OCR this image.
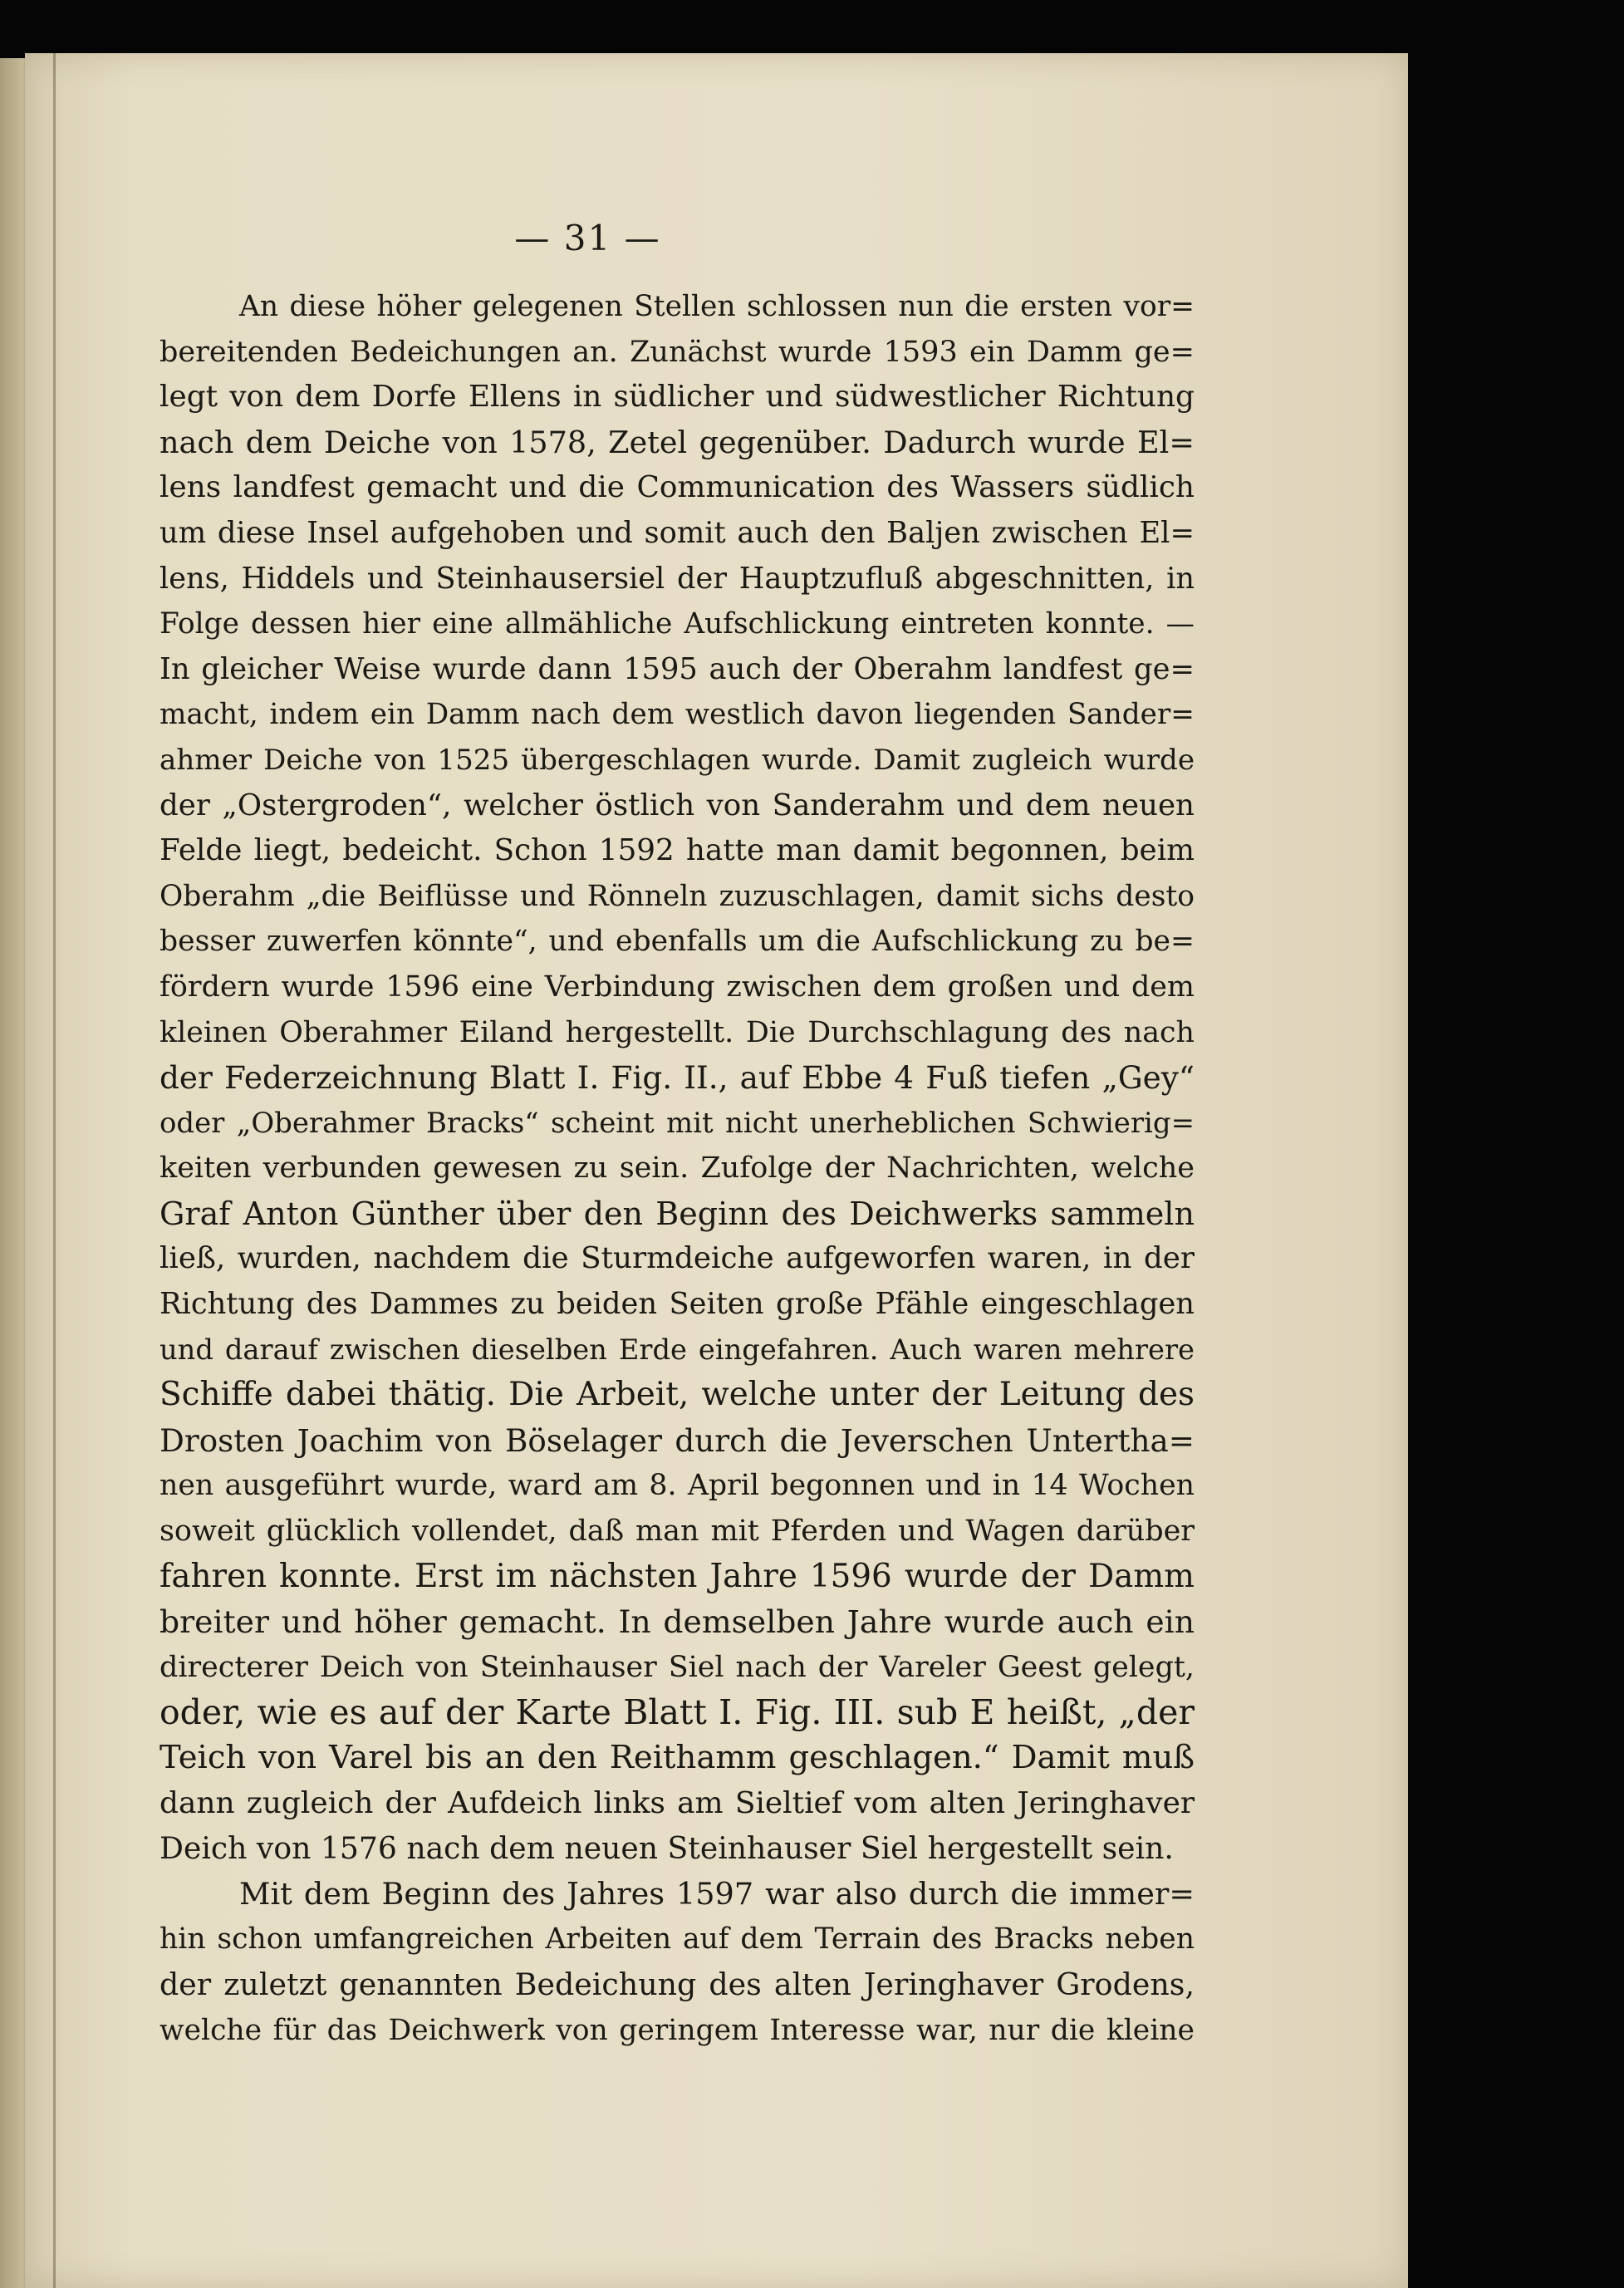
— 31 —
An diese höher gelegenen Stellen schlossen nun die ersten vor=
bereitenden Bedeichungen an. Zunächst wurde 1593 ein Damm ge=
legt von dem Dorfe Ellens in südlicher und südwestlicher Richtung
nach dem Deiche von 1578, Zetel gegenüber. Dadurch wurde El=
lens landfest gemacht und die Communication des Wassers südlich
um diese Insel aufgehoben und somit auch den Baljen zwischen El=
lens, Hiddels und Steinhausersiel der Hauptzufluß abgeschnitten, in
Folge dessen hier eine allmähliche Aufschlickung eintreten konnte. —
In gleicher Weise wurde dann 1595 auch der Oberahm landfest ge=
macht, indem ein Damm nach dem westlich davon liegenden Sander=
ahmer Deiche von 1525 übergeschlagen wurde. Damit zugleich wurde
der „Ostergroden“, welcher östlich von Sanderahm und dem neuen
Felde liegt, bedeicht. Schon 1592 hatte man damit begonnen, beim
Oberahm „die Beiflüsse und Rönneln zuzuschlagen, damit sichs desto
besser zuwerfen könnte“, und ebenfalls um die Aufschlickung zu be=
fördern wurde 1596 eine Verbindung zwischen dem großen und dem
kleinen Oberahmer Eiland hergestellt. Die Durchschlagung des nach
der Federzeichnung Blatt I. Fig. II., auf Ebbe 4 Fuß tiefen „Gey“
oder „Oberahmer Bracks“ scheint mit nicht unerheblichen Schwierig=
keiten verbunden gewesen zu sein. Zufolge der Nachrichten, welche
Graf Anton Günther über den Beginn des Deichwerks sammeln
ließ, wurden, nachdem die Sturmdeiche aufgeworfen waren, in der
Richtung des Dammes zu beiden Seiten große Pfähle eingeschlagen
und darauf zwischen dieselben Erde eingefahren. Auch waren mehrere
Schiffe dabei thätig. Die Arbeit, welche unter der Leitung des
Drosten Joachim von Böselager durch die Jeverschen Untertha=
nen ausgeführt wurde, ward am 8. April begonnen und in 14 Wochen
soweit glücklich vollendet, daß man mit Pferden und Wagen darüber
fahren konnte. Erst im nächsten Jahre 1596 wurde der Damm
breiter und höher gemacht. In demselben Jahre wurde auch ein
directerer Deich von Steinhauser Siel nach der Vareler Geest gelegt,
oder, wie es auf der Karte Blatt I. Fig. III. sub E heißt, „der
Teich von Varel bis an den Reithamm geschlagen.“ Damit muß
dann zugleich der Aufdeich links am Sieltief vom alten Jeringhaver
Deich von 1576 nach dem neuen Steinhauser Siel hergestellt sein.
Mit dem Beginn des Jahres 1597 war also durch die immer=
hin schon umfangreichen Arbeiten auf dem Terrain des Bracks neben
der zuletzt genannten Bedeichung des alten Jeringhaver Grodens,
welche für das Deichwerk von geringem Interesse war, nur die kleine
